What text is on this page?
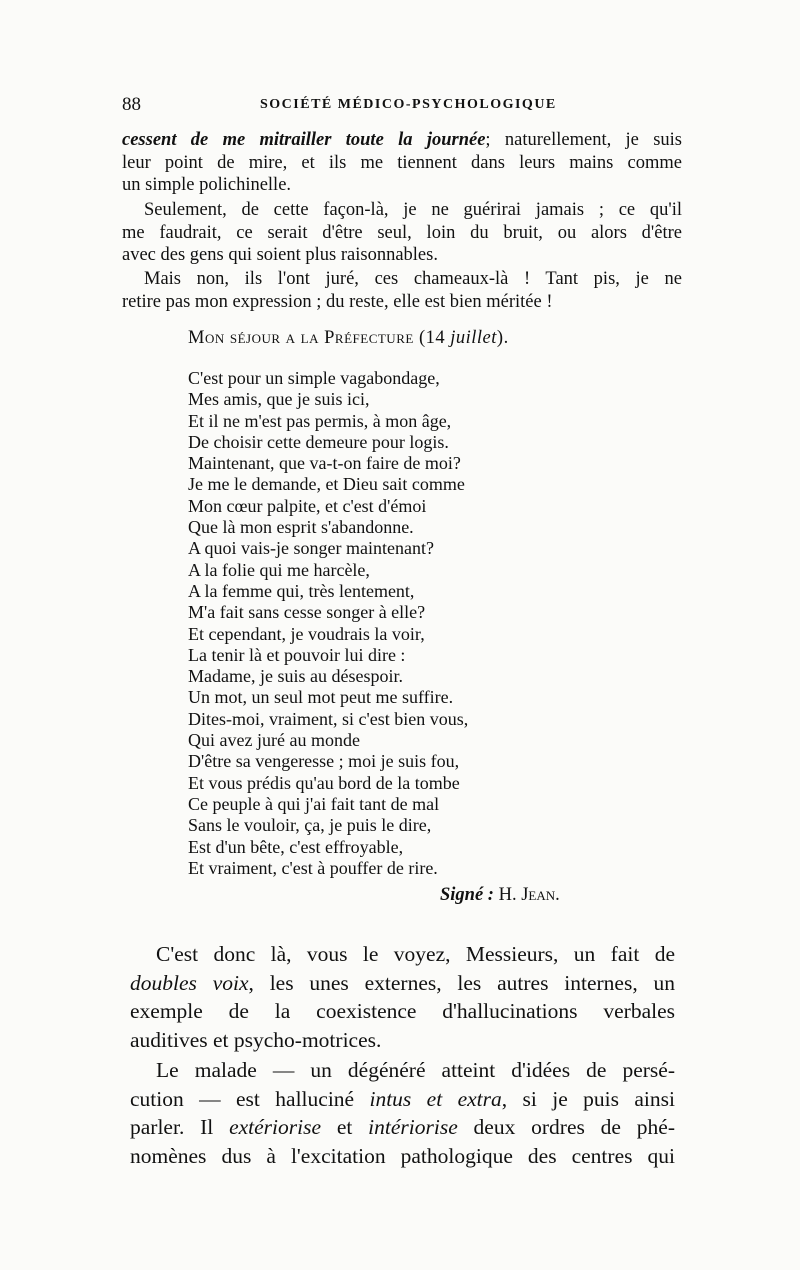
88	SOCIÉTÉ MÉDICO-PSYCHOLOGIQUE
cessent de me mitrailler toute la journée; naturellement, je suis
leur point de mire, et ils me tiennent dans leurs mains comme
un simple polichinelle.
Seulement, de cette façon-là, je ne guérirai jamais ; ce qu'il
me faudrait, ce serait d'être seul, loin du bruit, ou alors d'être
avec des gens qui soient plus raisonnables.
Mais non, ils l'ont juré, ces chameaux-là ! Tant pis, je ne
retire pas mon expression ; du reste, elle est bien méritée !
Mon séjour a la Préfecture (14 juillet).
C'est pour un simple vagabondage,
Mes amis, que je suis ici,
Et il ne m'est pas permis, à mon âge,
De choisir cette demeure pour logis.
Maintenant, que va-t-on faire de moi?
Je me le demande, et Dieu sait comme
Mon cœur palpite, et c'est d'émoi
Que là mon esprit s'abandonne.
A quoi vais-je songer maintenant?
A la folie qui me harcèle,
A la femme qui, très lentement,
M'a fait sans cesse songer à elle?
Et cependant, je voudrais la voir,
La tenir là et pouvoir lui dire :
Madame, je suis au désespoir.
Un mot, un seul mot peut me suffire.
Dites-moi, vraiment, si c'est bien vous,
Qui avez juré au monde
D'être sa vengeresse ; moi je suis fou,
Et vous prédis qu'au bord de la tombe
Ce peuple à qui j'ai fait tant de mal
Sans le vouloir, ça, je puis le dire,
Est d'un bête, c'est effroyable,
Et vraiment, c'est à pouffer de rire.
Signé : H. Jean.
C'est donc là, vous le voyez, Messieurs, un fait de
doubles voix, les unes externes, les autres internes, un
exemple de la coexistence d'hallucinations verbales
auditives et psycho-motrices.
Le malade — un dégénéré atteint d'idées de persé-
cution — est halluciné intus et extra, si je puis ainsi
parler. Il extériorise et intériorise deux ordres de phé-
nomènes dus à l'excitation pathologique des centres qui
